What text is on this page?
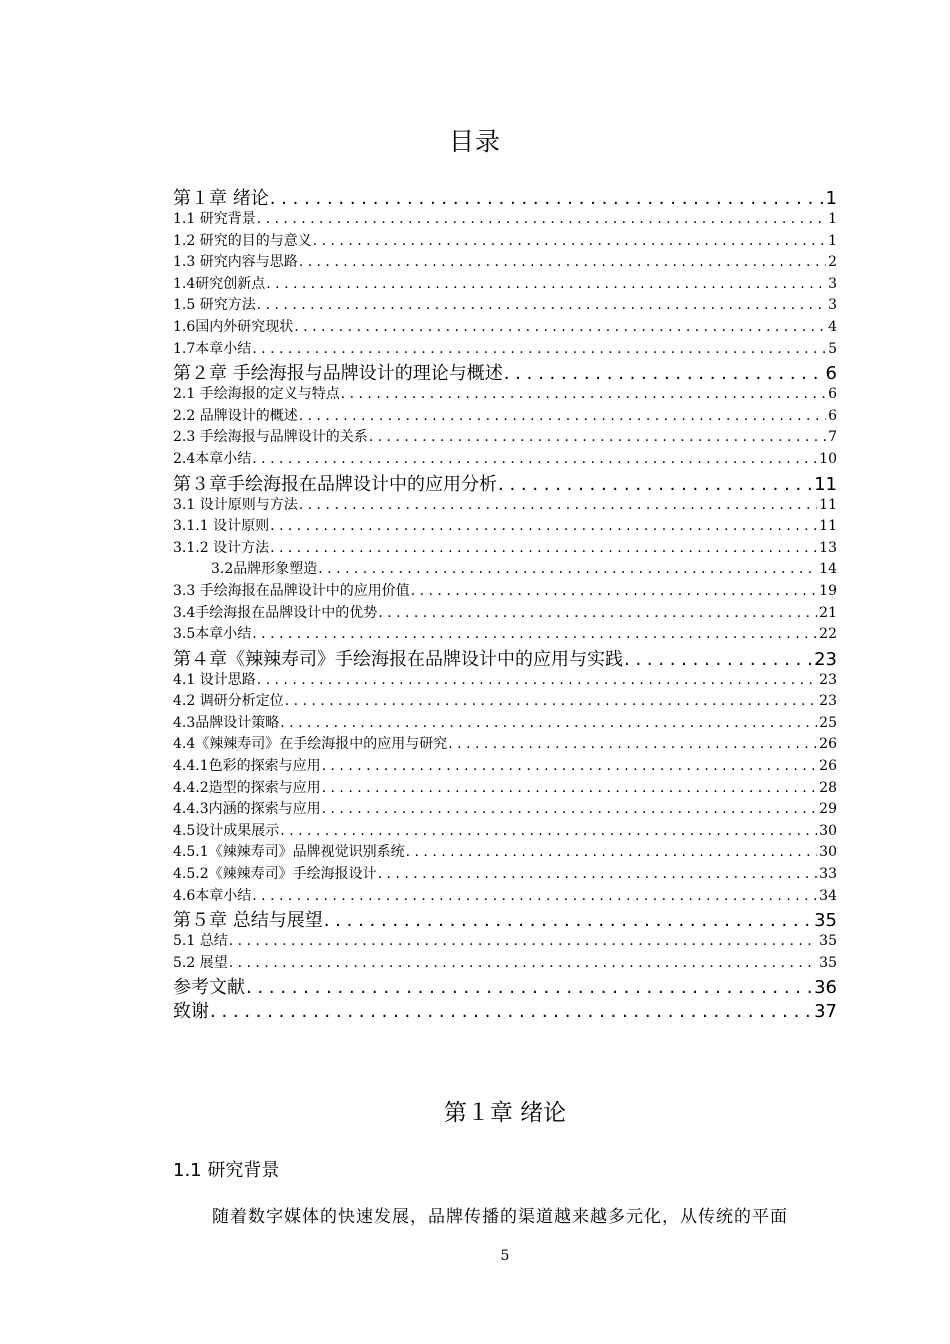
目录
第１章 绪论 . . .	1
1.1 研究背景 . . .	1
1.2 研究的目的与意义 . . .	1
1.3 研究内容与思路 . . .	2
1.4研究创新点 . . .	3
1.5 研究方法 . . .	3
1.6国内外研究现状 . . .	4
1.7本章小结 . . .	5
第２章 手绘海报与品牌设计的理论与概述 . . .	6
2.1 手绘海报的定义与特点 . . .	6
2.2 品牌设计的概述 . . .	6
2.3 手绘海报与品牌设计的关系 . . .	7
2.4本章小结 . . .	10
第３章手绘海报在品牌设计中的应用分析 . . .	11
3.1 设计原则与方法 . . .	11
3.1.1 设计原则 . . .	11
3.1.2 设计方法 . . .	13
3.2品牌形象塑造 . . .	14
3.3 手绘海报在品牌设计中的应用价值 . . .	19
3.4手绘海报在品牌设计中的优势 . . .	21
3.5本章小结 . . .	22
第４章《辣辣寿司》手绘海报在品牌设计中的应用与实践 . . .	23
4.1 设计思路 . . .	23
4.2 调研分析定位 . . .	23
4.3品牌设计策略 . . .	25
4.4《辣辣寿司》在手绘海报中的应用与研究 . . .	26
4.4.1色彩的探索与应用 . . .	26
4.4.2造型的探索与应用 . . .	28
4.4.3内涵的探索与应用 . . .	29
4.5设计成果展示 . . .	30
4.5.1《辣辣寿司》品牌视觉识别系统 . . .	30
4.5.2《辣辣寿司》手绘海报设计 . . .	33
4.6本章小结 . . .	34
第５章 总结与展望 . . .	35
5.1 总结 . . .	35
5.2 展望 . . .	35
参考文献 . . .	36
致谢 . . .	37
第１章 绪论
1.1 研究背景
随着数字媒体的快速发展，品牌传播的渠道越来越多元化，从传统的平面
5
